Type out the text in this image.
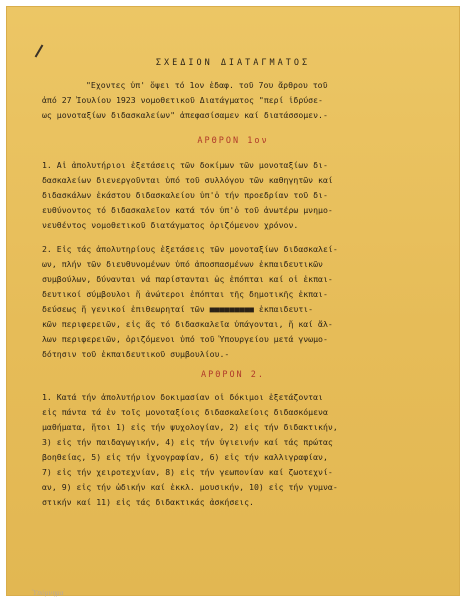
ΣΧΕΔΙΟΝ ΔΙΑΤΑΓΜΑΤΟΣ
"Εχοντες ὑπ' ὄψει τό 1ον ἐδαφ. τοῦ 7ου ἄρθρου τοῦ
ἀπό 27 Ἰουλίου 1923 νομοθετικοῦ Διατάγματος "περί ἱδρύσε-
ως μονοταξίων διδασκαλείων" ἀπεφασίσαμεν καί διατάσσομεν.-
ΑΡΘΡΟΝ 1ον
1. Αἱ ἀπολυτήριοι ἐξετάσεις τῶν δοκίμων τῶν μονοταξίων δι-
δασκαλείων διενεργοῦνται ὑπό τοῦ συλλόγου τῶν καθηγητῶν καί
διδασκάλων ἑκάστου διδασκαλείου ὑπ'ὁ τήν προεδρίαν τοῦ δι-
ευθύνοντος τό διδασκαλεῖον κατά τόν ὑπ'ὁ τοῦ ἀνωτέρω μνημο-
νευθέντος νομοθετικοῦ διατάγματος ὁριζόμενον χρόνον.
2. Εἰς τάς ἀπολυτηρίους ἐξετάσεις τῶν μονοταξίων διδασκαλεί-
ων, πλήν τῶν διευθυνομένων ὑπό ἀποσπασμένων ἐκπαιδευτικῶν
συμβούλων, δύνανται νά παρίστανται ὡς ἐπόπται καί οἱ ἐκπαι-
δευτικοί σύμβουλοι ἤ ἀνώτεροι ἐπόπται τῆς δημοτικῆς ἐκπαι-
δεύσεως ἤ γενικοί ἐπιθεωρηταί τῶν ■■■■■■■■■ ἐκπαιδευτι-
κῶν περιφερειῶν, εἰς ἅς τό διδασκαλεῖα ὑπάγονται, ἤ καί ἄλ-
λων περιφερειῶν, ὁριζόμενοι ὑπό τοῦ Ὑπουργείου μετά γνωμο-
δότησιν τοῦ ἐκπαιδευτικοῦ συμβουλίου.-
ΑΡΘΡΟΝ 2.
1. Κατά τήν ἀπολυτήριον δοκιμασίαν οἱ δόκιμοι ἐξετάζονται
εἰς πάντα τά ἐν τοῖς μονοταξίοις διδασκαλείοις διδασκόμενα
μαθήματα, ἤτοι 1) εἰς τήν ψυχολογίαν, 2) εἰς τήν διδακτικήν,
3) εἰς τήν παιδαγωγικήν, 4) εἰς τήν ὑγιεινήν καί τάς πρώτας
βοηθείας, 5) εἰς τήν ἰχνογραφίαν, 6) εἰς τήν καλλιγραφίαν,
7) εἰς τήν χειροτεχνίαν, 8) εἰς τήν γεωπονίαν καί ζωοτεχνί-
αν, 9) εἰς τήν ὠδικήν καί ἐκκλ. μουσικήν, 10) εἰς τήν γυμνα-
στικήν καί 11) εἰς τάς διδακτικάς ἀσκήσεις.
Ὑπόμνημα
